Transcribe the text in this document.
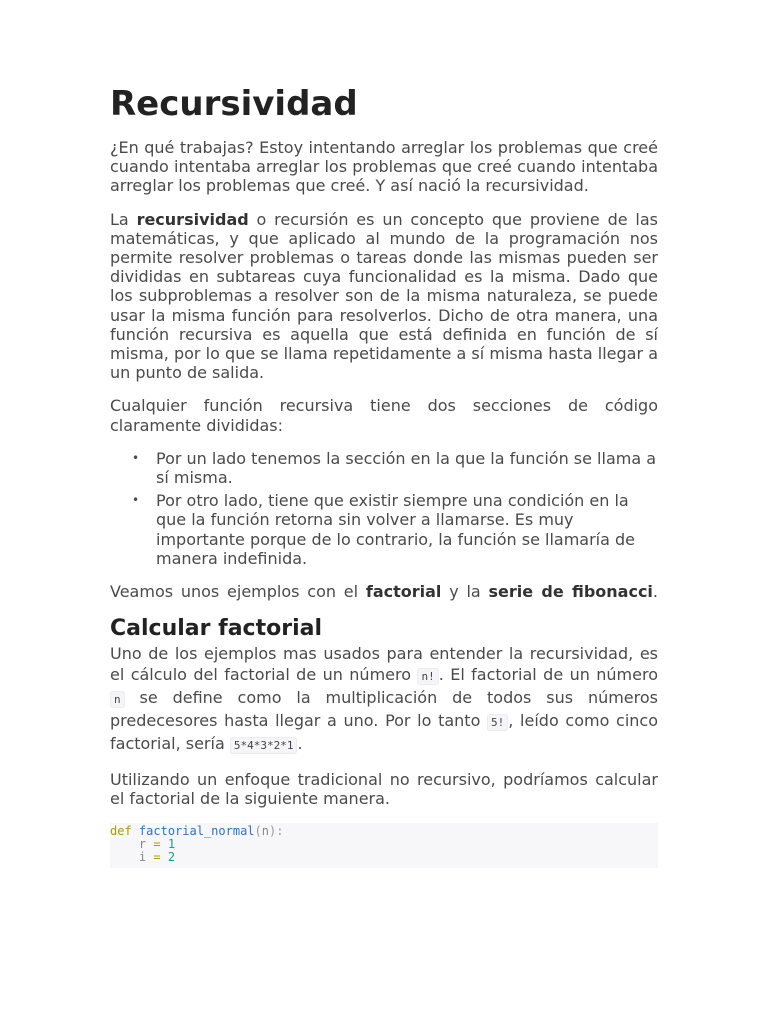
Recursividad

¿En qué trabajas? Estoy intentando arreglar los problemas que creé cuando intentaba arreglar los problemas que creé cuando intentaba arreglar los problemas que creé. Y así nació la recursividad.

La recursividad o recursión es un concepto que proviene de las matemáticas, y que aplicado al mundo de la programación nos permite resolver problemas o tareas donde las mismas pueden ser divididas en subtareas cuya funcionalidad es la misma. Dado que los subproblemas a resolver son de la misma naturaleza, se puede usar la misma función para resolverlos. Dicho de otra manera, una función recursiva es aquella que está definida en función de sí misma, por lo que se llama repetidamente a sí misma hasta llegar a un punto de salida.

Cualquier función recursiva tiene dos secciones de código claramente divididas:

• Por un lado tenemos la sección en la que la función se llama a sí misma.
• Por otro lado, tiene que existir siempre una condición en la que la función retorna sin volver a llamarse. Es muy importante porque de lo contrario, la función se llamaría de manera indefinida.

Veamos unos ejemplos con el factorial y la serie de fibonacci.

Calcular factorial

Uno de los ejemplos mas usados para entender la recursividad, es el cálculo del factorial de un número n! . El factorial de un número n se define como la multiplicación de todos sus números predecesores hasta llegar a uno. Por lo tanto 5! , leído como cinco factorial, sería 5*4*3*2*1 .

Utilizando un enfoque tradicional no recursivo, podríamos calcular el factorial de la siguiente manera.

def factorial_normal(n):
r = 1
i = 2
